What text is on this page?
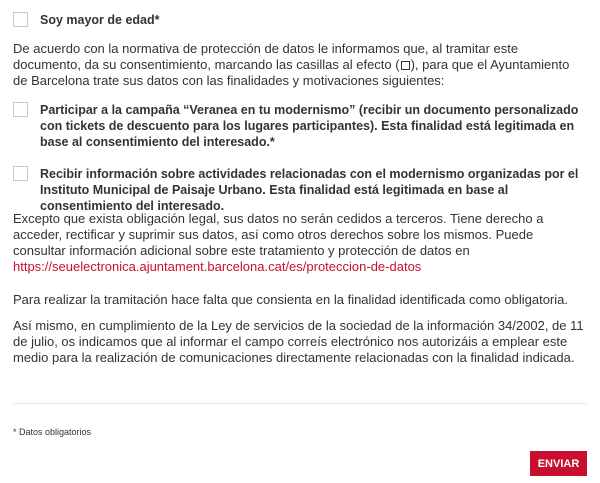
Soy mayor de edad*
De acuerdo con la normativa de protección de datos le informamos que, al tramitar este documento, da su consentimiento, marcando las casillas al efecto ( ), para que el Ayuntamiento de Barcelona trate sus datos con las finalidades y motivaciones siguientes:
Participar a la campaña “Veranea en tu modernismo” (recibir un documento personalizado con tickets de descuento para los lugares participantes). Esta finalidad está legitimada en base al consentimiento del interesado.*
Recibir información sobre actividades relacionadas con el modernismo organizadas por el Instituto Municipal de Paisaje Urbano. Esta finalidad está legitimada en base al consentimiento del interesado.
Excepto que exista obligación legal, sus datos no serán cedidos a terceros. Tiene derecho a acceder, rectificar y suprimir sus datos, así como otros derechos sobre los mismos. Puede consultar información adicional sobre este tratamiento y protección de datos en
https://seuelectronica.ajuntament.barcelona.cat/es/proteccion-de-datos
Para realizar la tramitación hace falta que consienta en la finalidad identificada como obligatoria.
Así mismo, en cumplimiento de la Ley de servicios de la sociedad de la información 34/2002, de 11 de julio, os indicamos que al informar el campo correís electrónico nos autorizáis a emplear este medio para la realización de comunicaciones directamente relacionadas con la finalidad indicada.
* Datos obligatorios
ENVIAR
